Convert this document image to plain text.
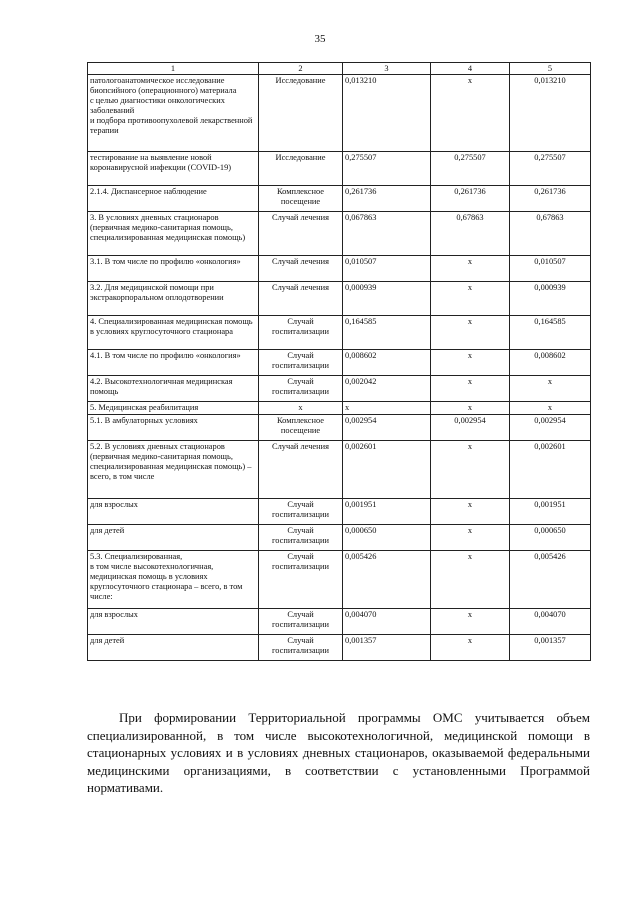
35
1	2	3	4	5
патологоанатомическое исследование биопсийного (операционного) материала
с целью диагностики онкологических заболеваний
и подбора противоопухолевой лекарственной терапии	Исследование	0,013210	х	0,013210
тестирование на выявление новой коронавирусной инфекции (COVID-19)	Исследование	0,275507	0,275507	0,275507
2.1.4. Диспансерное наблюдение	Комплексное посещение	0,261736	0,261736	0,261736
3. В условиях дневных стационаров (первичная медико-санитарная помощь, специализированная медицинская помощь)	Случай лечения	0,067863	0,67863	0,67863
3.1. В том числе по профилю «онкология»	Случай лечения	0,010507	х	0,010507
3.2. Для медицинской помощи при экстракорпоральном оплодотворении	Случай лечения	0,000939	х	0,000939
4. Специализированная медицинская помощь в условиях круглосуточного стационара	Случай госпитализации	0,164585	х	0,164585
4.1. В том числе по профилю «онкология»	Случай госпитализации	0,008602	х	0,008602
4.2. Высокотехнологичная медицинская помощь	Случай госпитализации	0,002042	х	х
5. Медицинская реабилитация	х	х	х	х
5.1. В амбулаторных условиях	Комплексное посещение	0,002954	0,002954	0,002954
5.2. В условиях дневных стационаров (первичная медико-санитарная помощь, специализированная медицинская помощь) – всего, в том числе	Случай лечения	0,002601	х	0,002601
для взрослых	Случай госпитализации	0,001951	х	0,001951
для детей	Случай госпитализации	0,000650	х	0,000650
5.3. Специализированная,
в том числе высокотехнологичная, медицинская помощь в условиях круглосуточного стационара – всего, в том числе:	Случай госпитализации	0,005426	х	0,005426
для взрослых	Случай госпитализации	0,004070	х	0,004070
для детей	Случай госпитализации	0,001357	х	0,001357

При формировании Территориальной программы ОМС учитывается объем специализированной, в том числе высокотехнологичной, медицинской помощи в стационарных условиях и в условиях дневных стационаров, оказываемой федеральными медицинскими организациями, в соответствии с установленными Программой нормативами.
